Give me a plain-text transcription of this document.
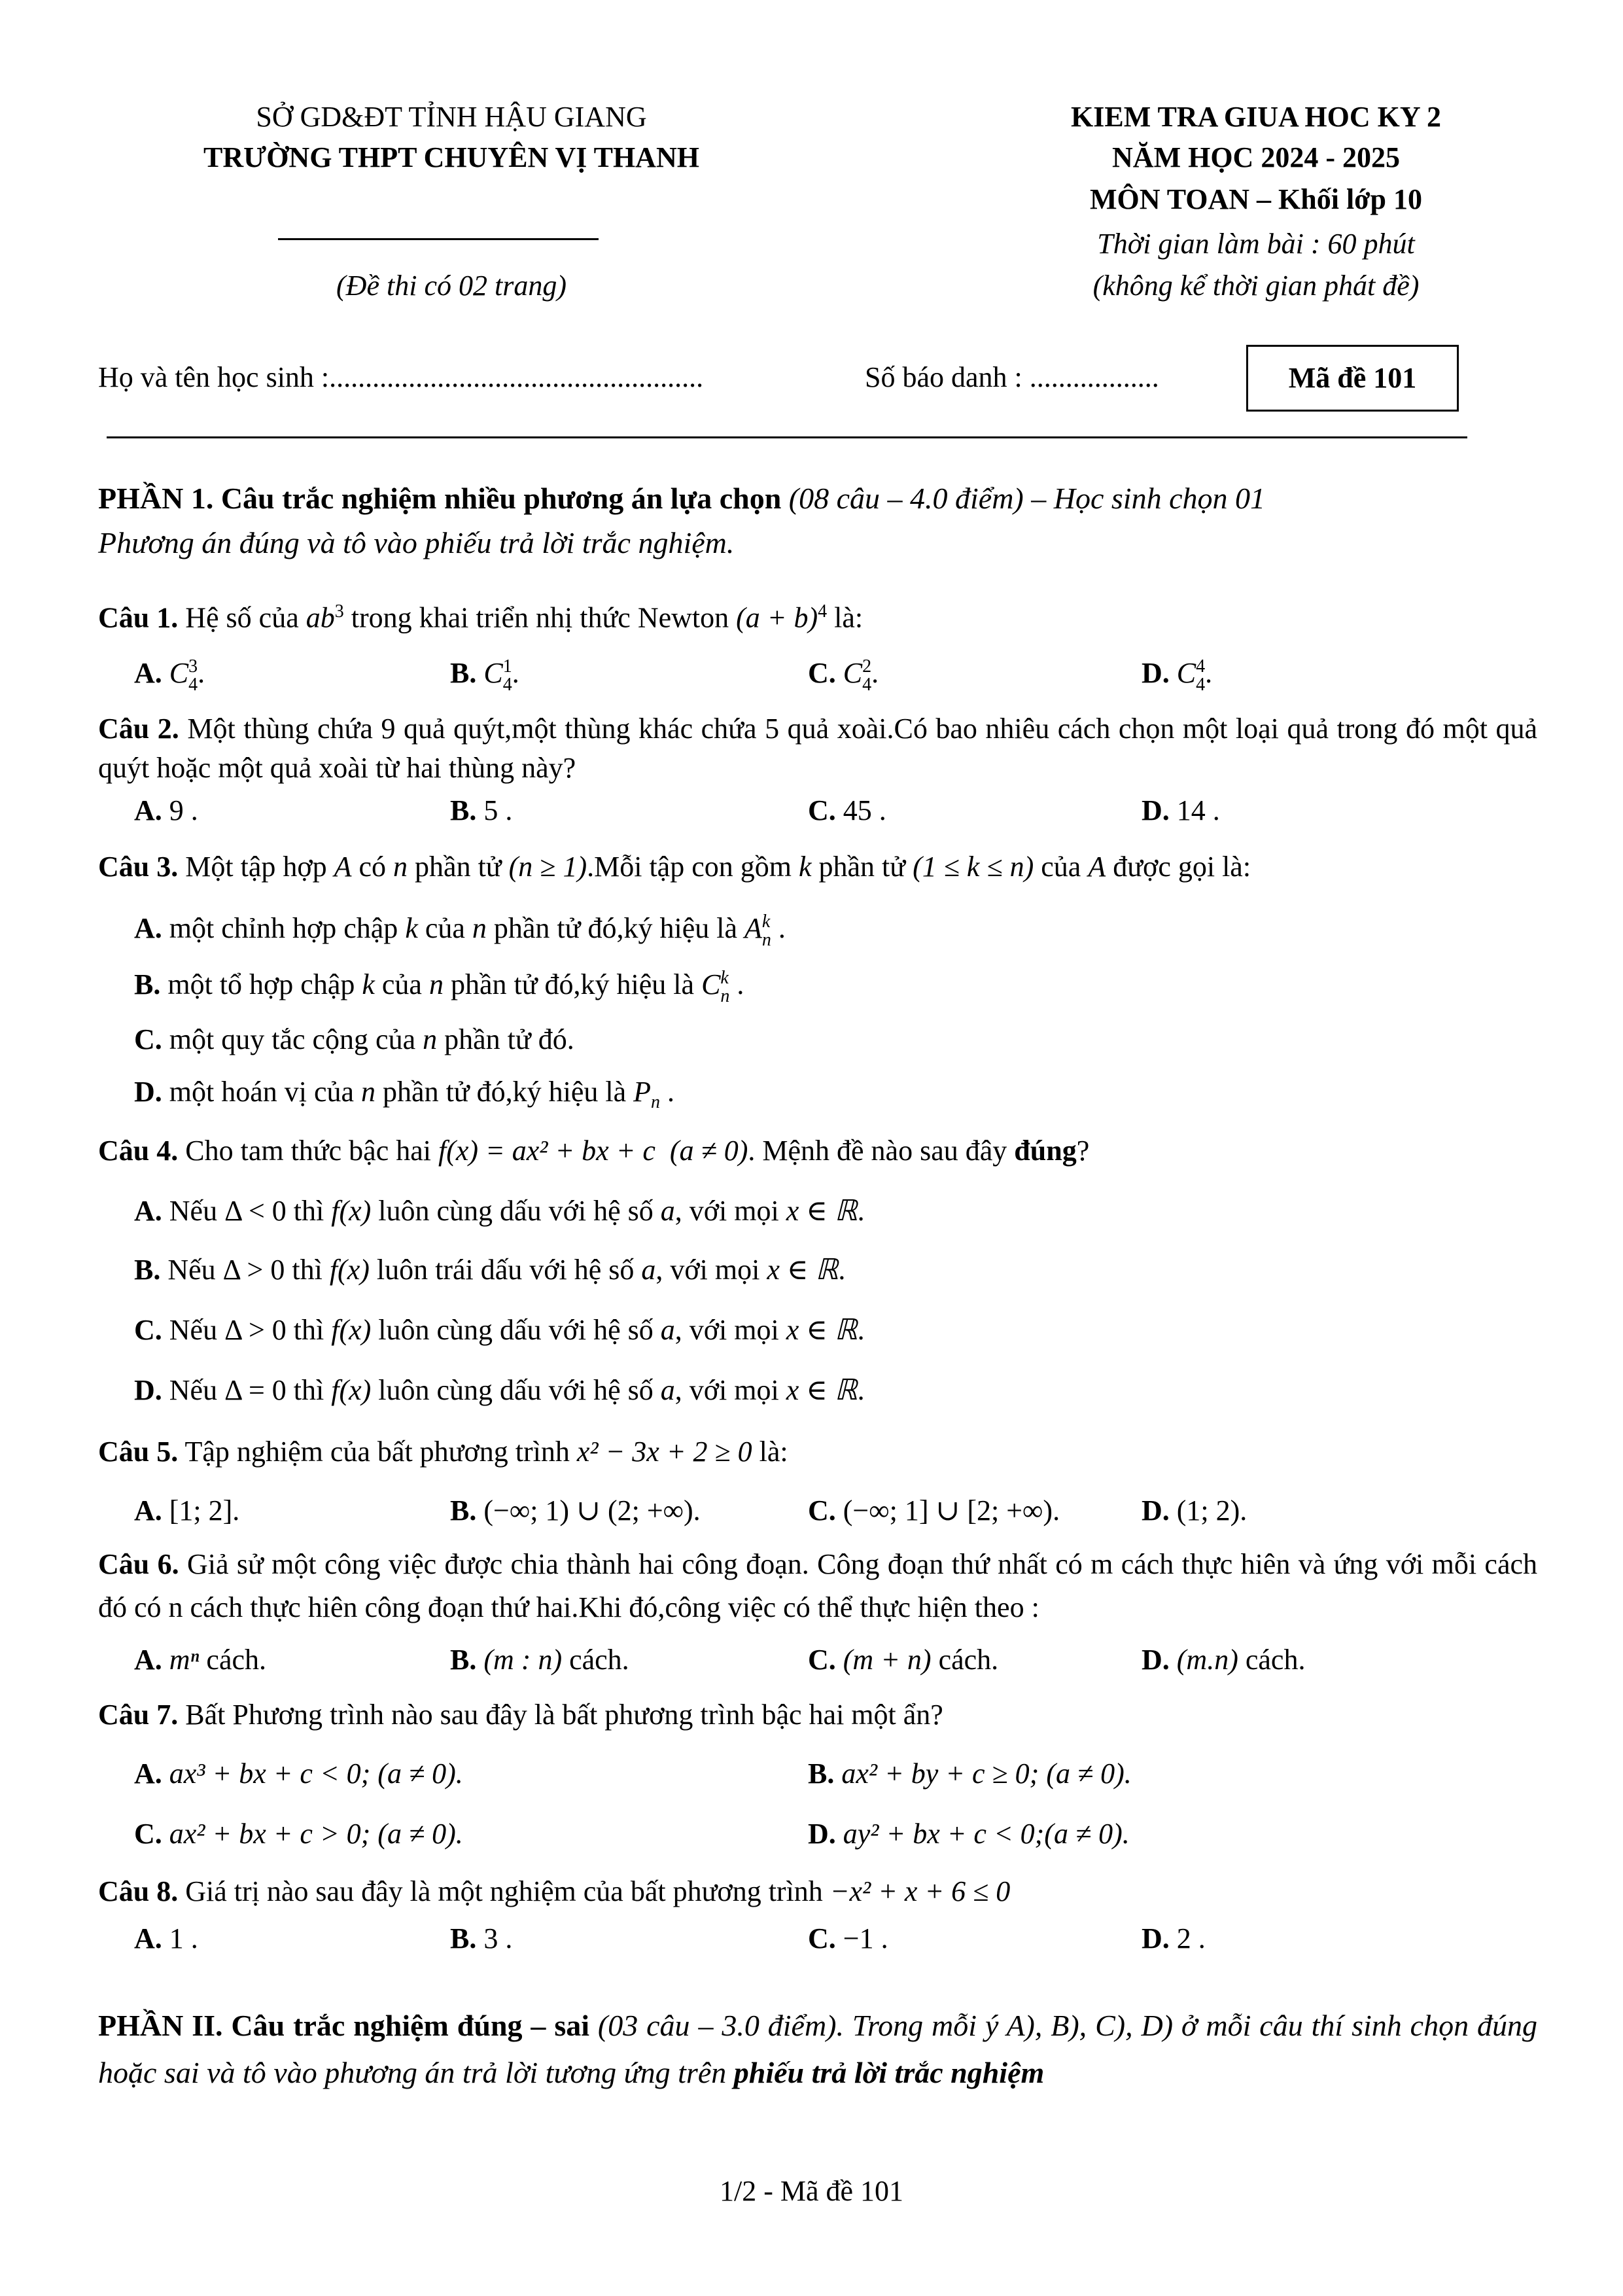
SỞ GD&ĐT TỈNH HẬU GIANG
TRƯỜNG THPT CHUYÊN VỊ THANH
(Đề thi có 02 trang)
KIEM TRA GIUA HOC KY 2
NĂM HỌC 2024 - 2025
MÔN TOAN – Khối lớp 10
Thời gian làm bài : 60 phút
(không kể thời gian phát đề)
Họ và tên học sinh :....................................................	Số báo danh : ..................	Mã đề 101
PHẦN 1. Câu trắc nghiệm nhiều phương án lựa chọn (08 câu – 4.0 điểm) – Học sinh chọn 01
Phương án đúng và tô vào phiếu trả lời trắc nghiệm.
Câu 1. Hệ số của $ab^3$ trong khai triển nhị thức Newton $(a + b)^4$ là:
A. C3
4.	B. C1
4.	C. C2
4.	D. C4
4.
Câu 2. Một thùng chứa 9 quả quýt,một thùng khác chứa 5 quả xoài.Có bao nhiêu cách chọn một loại quả trong đó một quả quýt hoặc một quả xoài từ hai thùng này?
A. 9 .	B. 5 .	C. 45 .	D. 14 .
Câu 3. Một tập hợp A có n phần tử (n ≥ 1).Mỗi tập con gồm k phần tử (1 ≤ k ≤ n) của A được gọi là:
A. một chỉnh hợp chập k của n phần tử đó,ký hiệu là Ak
n .
B. một tổ hợp chập k của n phần tử đó,ký hiệu là Ck
n .
C. một quy tắc cộng của n phần tử đó.
D. một hoán vị của n phần tử đó,ký hiệu là $P_n$ .
Câu 4. Cho tam thức bậc hai f(x) = ax² + bx + c (a ≠ 0). Mệnh đề nào sau đây đúng?
A. Nếu Δ < 0 thì f(x) luôn cùng dấu với hệ số a, với mọi x ∈ ℝ.
B. Nếu Δ > 0 thì f(x) luôn trái dấu với hệ số a, với mọi x ∈ ℝ.
C. Nếu Δ > 0 thì f(x) luôn cùng dấu với hệ số a, với mọi x ∈ ℝ.
D. Nếu Δ = 0 thì f(x) luôn cùng dấu với hệ số a, với mọi x ∈ ℝ.
Câu 5. Tập nghiệm của bất phương trình x² − 3x + 2 ≥ 0 là:
A. [1; 2].	B. (−∞; 1) ∪ (2; +∞).	C. (−∞; 1] ∪ [2; +∞).	D. (1; 2).
Câu 6. Giả sử một công việc được chia thành hai công đoạn. Công đoạn thứ nhất có m cách thực hiên và ứng với mỗi cách đó có n cách thực hiên công đoạn thứ hai.Khi đó,công việc có thể thực hiện theo :
A. mⁿ cách.	B. (m : n) cách.	C. (m + n) cách.	D. (m.n) cách.
Câu 7. Bất Phương trình nào sau đây là bất phương trình bậc hai một ẩn?
A. ax³ + bx + c < 0; (a ≠ 0).	B. ax² + by + c ≥ 0; (a ≠ 0).
C. ax² + bx + c > 0; (a ≠ 0).	D. ay² + bx + c < 0;(a ≠ 0).
Câu 8. Giá trị nào sau đây là một nghiệm của bất phương trình −x² + x + 6 ≤ 0
A. 1 .	B. 3 .	C. −1 .	D. 2 .
PHẦN II. Câu trắc nghiệm đúng – sai (03 câu – 3.0 điểm). Trong mỗi ý A), B), C), D) ở mỗi câu thí sinh chọn đúng hoặc sai và tô vào phương án trả lời tương ứng trên phiếu trả lời trắc nghiệm
1/2 - Mã đề 101
